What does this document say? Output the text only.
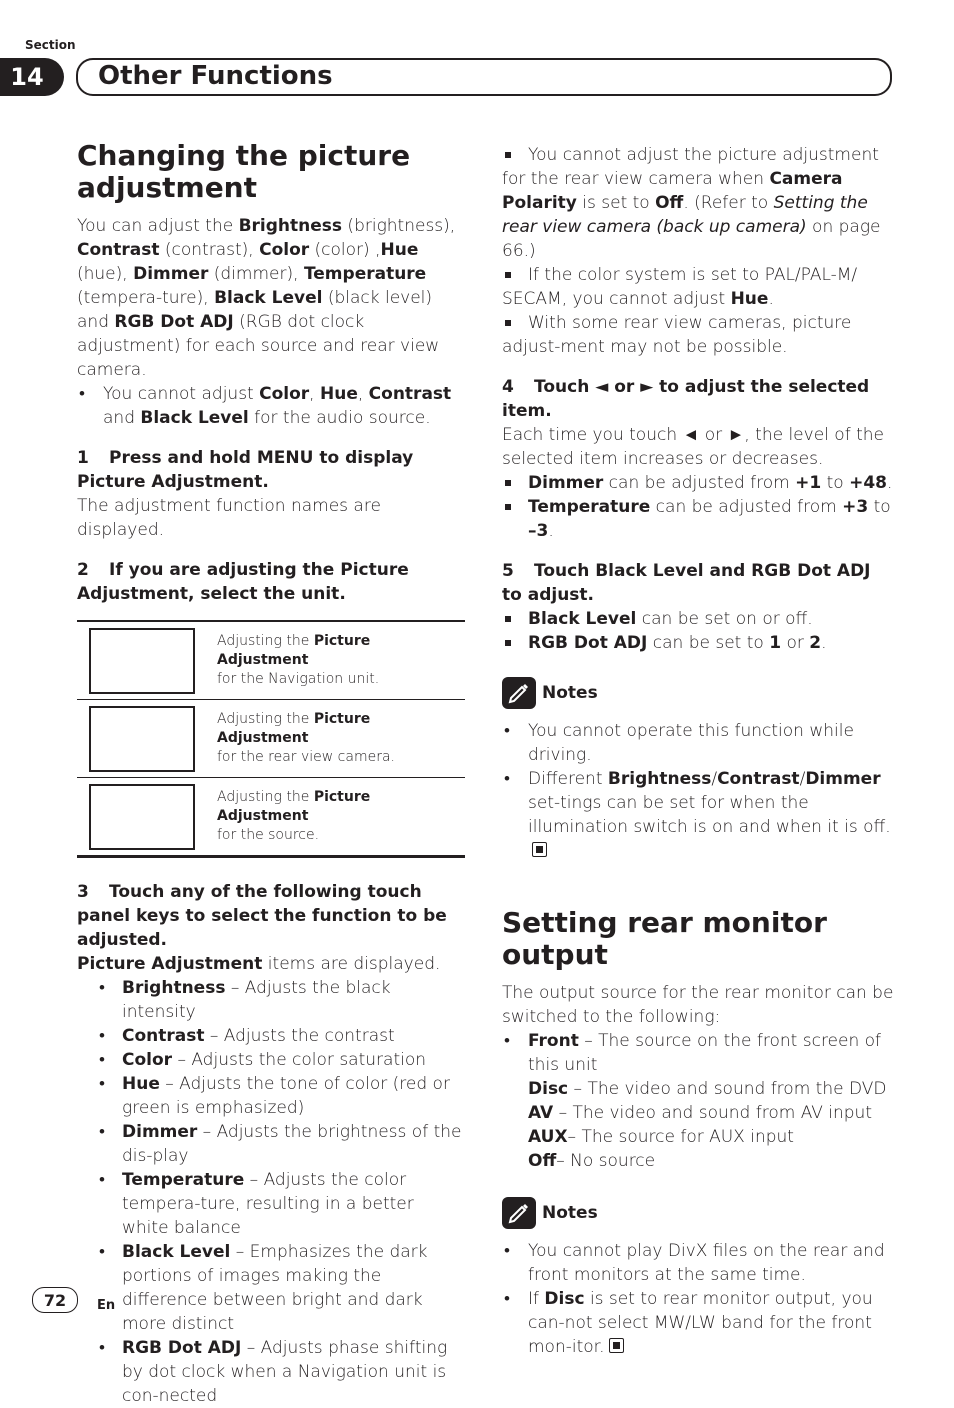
Section
14	Other Functions
Changing the picture adjustment

You can adjust the Brightness (brightness), Contrast (contrast), Color (color) ,Hue (hue), Dimmer (dimmer), Temperature (tempera-ture), Black Level (black level) and RGB Dot ADJ (RGB dot clock adjustment) for each source and rear view camera.

• You cannot adjust Color, Hue, Contrast and Black Level for the audio source.
1 Press and hold MENU to display Picture Adjustment.

The adjustment function names are displayed.

2 If you are adjusting the Picture Adjustment, select the unit.
Adjusting the Picture Adjustment
for the Navigation unit.
Adjusting the Picture Adjustment
for the rear view camera.
Adjusting the Picture Adjustment
for the source.
3 Touch any of the following touch panel keys to select the function to be adjusted.

Picture Adjustment items are displayed.

• Brightness – Adjusts the black intensity
• Contrast – Adjusts the contrast
• Color – Adjusts the color saturation
• Hue – Adjusts the tone of color (red or green is emphasized)
• Dimmer – Adjusts the brightness of the dis-play
• Temperature – Adjusts the color tempera-ture, resulting in a better white balance
• Black Level – Emphasizes the dark portions of images making the difference between bright and dark more distinct
• RGB Dot ADJ – Adjusts phase shifting by dot clock when a Navigation unit is con-nected
You cannot adjust the picture adjustment for the rear view camera when Camera Polarity is set to Off. (Refer to Setting the rear view camera (back up camera) on page 66.)
If the color system is set to PAL/PAL-M/ SECAM, you cannot adjust Hue.
With some rear view cameras, picture adjust-ment may not be possible.
4 Touch ◄ or ► to adjust the selected item.

Each time you touch ◄ or ►, the level of the selected item increases or decreases.

Dimmer can be adjusted from +1 to +48.
Temperature can be adjusted from +3 to –3.
5 Touch Black Level and RGB Dot ADJ to adjust.
Black Level can be set on or off.
RGB Dot ADJ can be set to 1 or 2.
Notes
• You cannot operate this function while driving.
• Different Brightness/Contrast/Dimmer set-tings can be set for when the illumination switch is on and when it is off.
Setting rear monitor output

The output source for the rear monitor can be switched to the following:

• Front – The source on the front screen of this unit
Disc – The video and sound from the DVD
AV – The video and sound from AV input
AUX– The source for AUX input
Off– No source
Notes
• You cannot play DivX files on the rear and front monitors at the same time.
• If Disc is set to rear monitor output, you can-not select MW/LW band for the front mon-itor.
72	En
